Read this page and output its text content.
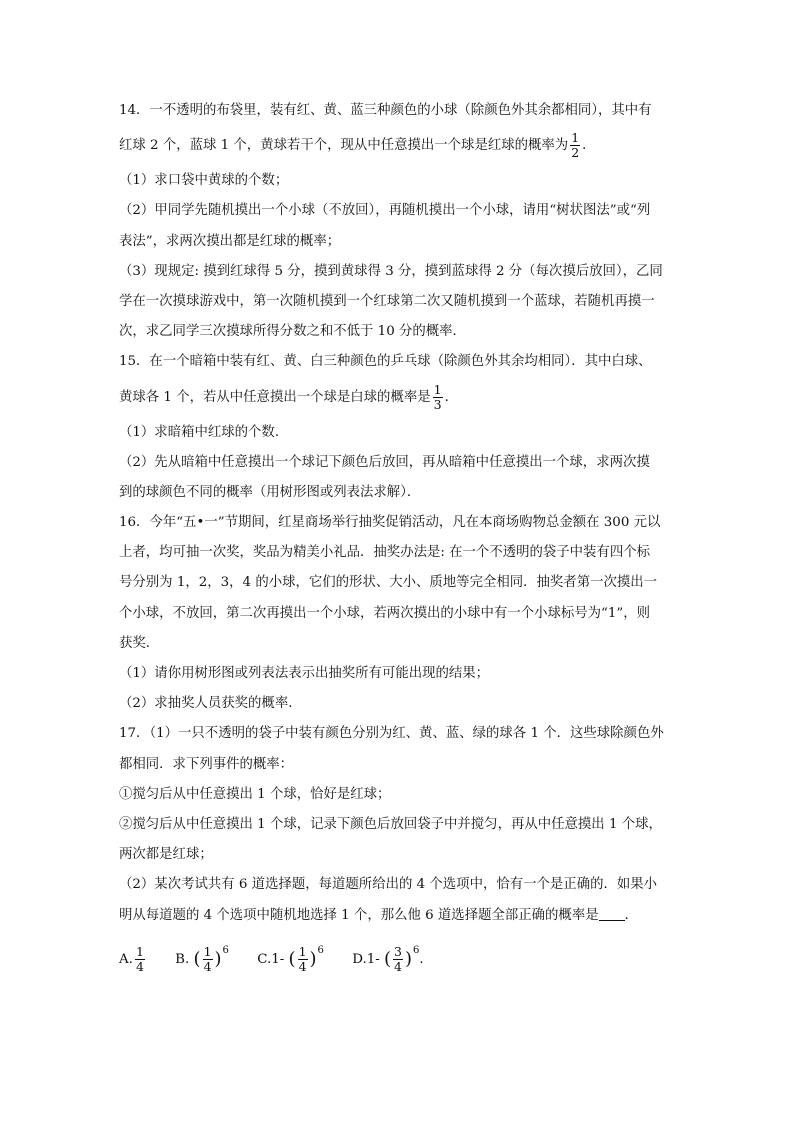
14．一不透明的布袋里，装有红、黄、蓝三种颜色的小球（除颜色外其余都相同），其中有
红球 2 个，蓝球 1 个，黄球若干个，现从中任意摸出一个球是红球的概率为 $\frac{1}{2}$ ．
（1）求口袋中黄球的个数；
（2）甲同学先随机摸出一个小球（不放回），再随机摸出一个小球，请用“树状图法”或“列
表法”，求两次摸出都是红球的概率；
（3）现规定: 摸到红球得 5 分，摸到黄球得 3 分，摸到蓝球得 2 分（每次摸后放回），乙同
学在一次摸球游戏中，第一次随机摸到一个红球第二次又随机摸到一个蓝球，若随机再摸一
次，求乙同学三次摸球所得分数之和不低于 10 分的概率．
15．在一个暗箱中装有红、黄、白三种颜色的乒乓球（除颜色外其余均相同）．其中白球、
黄球各 1 个，若从中任意摸出一个球是白球的概率是 $\frac{1}{3}$ ．
（1）求暗箱中红球的个数．
（2）先从暗箱中任意摸出一个球记下颜色后放回，再从暗箱中任意摸出一个球，求两次摸
到的球颜色不同的概率（用树形图或列表法求解）．
16．今年“五•一”节期间，红星商场举行抽奖促销活动，凡在本商场购物总金额在 300 元以
上者，均可抽一次奖，奖品为精美小礼品．抽奖办法是: 在一个不透明的袋子中装有四个标
号分别为 1，2，3，4 的小球，它们的形状、大小、质地等完全相同．抽奖者第一次摸出一
个小球，不放回，第二次再摸出一个小球，若两次摸出的小球中有一个小球标号为“1”，则
获奖．
（1）请你用树形图或列表法表示出抽奖所有可能出现的结果；
（2）求抽奖人员获奖的概率．
17．（1）一只不透明的袋子中装有颜色分别为红、黄、蓝、绿的球各 1 个．这些球除颜色外
都相同．求下列事件的概率：
①搅匀后从中任意摸出 1 个球，恰好是红球；
②搅匀后从中任意摸出 1 个球，记录下颜色后放回袋子中并搅匀，再从中任意摸出 1 个球，
两次都是红球；
（2）某次考试共有 6 道选择题，每道题所给出的 4 个选项中，恰有一个是正确的．如果小
明从每道题的 4 个选项中随机地选择 1 个，那么他 6 道选择题全部正确的概率是 ．
A. $\frac{1}{4} B$. ( $\frac{1}{4} )^6$ C.1- ( $\frac{1}{4} )^6$ D.1- ( $\frac{3}{4} )^6$．
